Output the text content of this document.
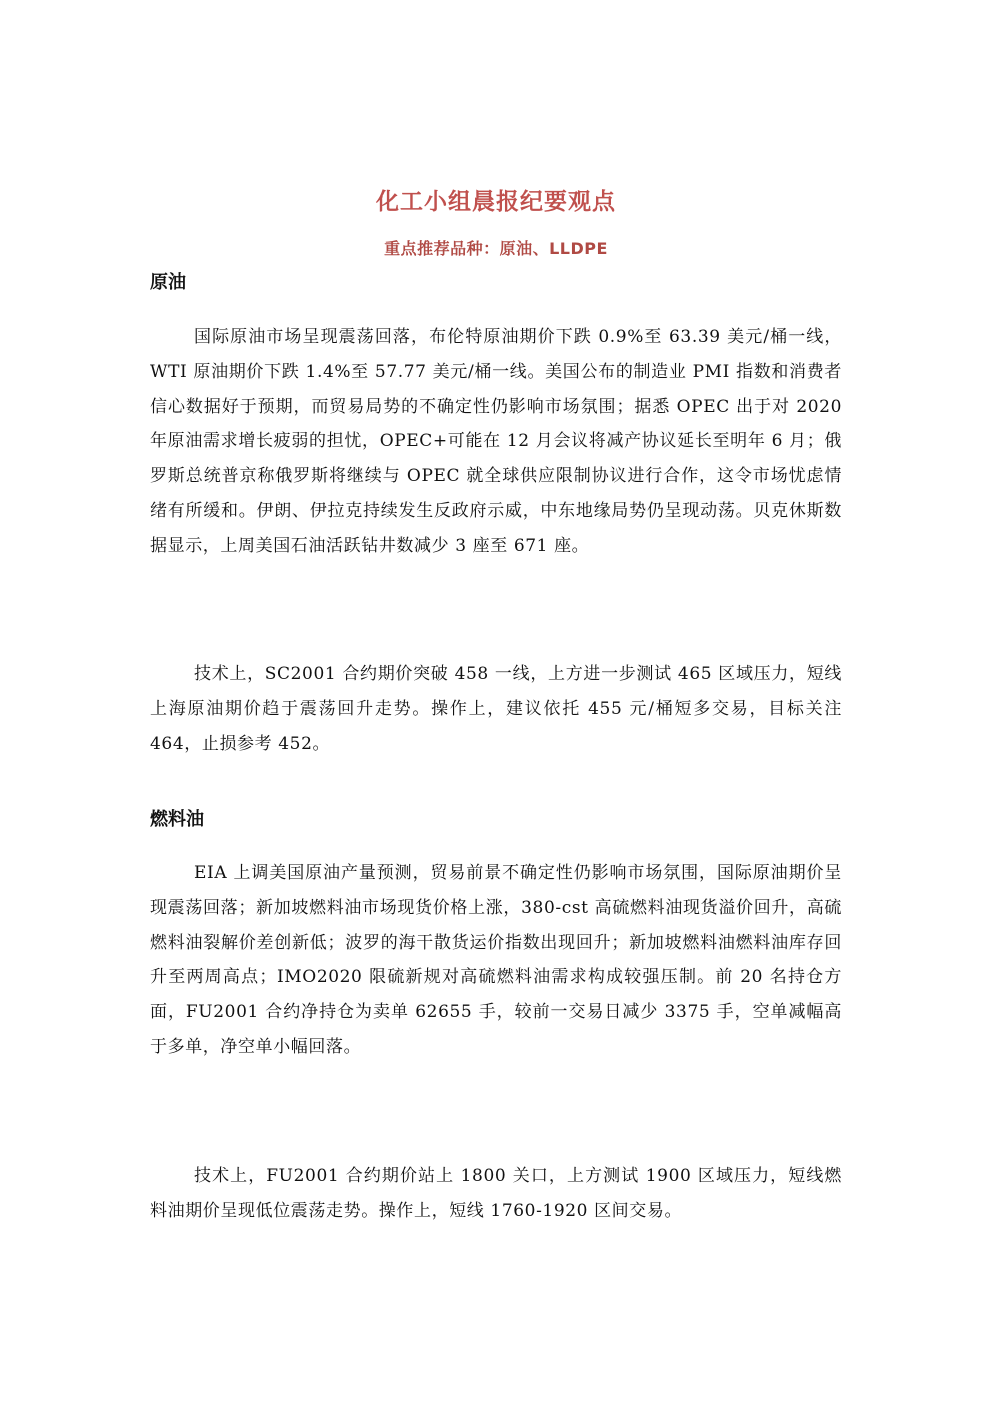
化工小组晨报纪要观点
重点推荐品种：原油、LLDPE
原油

国际原油市场呈现震荡回落，布伦特原油期价下跌 0.9%至 63.39 美元/桶一线，WTI 原油期价下跌 1.4%至 57.77 美元/桶一线。美国公布的制造业 PMI 指数和消费者信心数据好于预期，而贸易局势的不确定性仍影响市场氛围；据悉 OPEC 出于对 2020 年原油需求增长疲弱的担忧，OPEC+可能在 12 月会议将减产协议延长至明年 6 月；俄罗斯总统普京称俄罗斯将继续与 OPEC 就全球供应限制协议进行合作，这令市场忧虑情绪有所缓和。伊朗、伊拉克持续发生反政府示威，中东地缘局势仍呈现动荡。贝克休斯数据显示，上周美国石油活跃钻井数减少 3 座至 671 座。

技术上，SC2001 合约期价突破 458 一线，上方进一步测试 465 区域压力，短线上海原油期价趋于震荡回升走势。操作上，建议依托 455 元/桶短多交易，目标关注 464，止损参考 452。

燃料油

EIA 上调美国原油产量预测，贸易前景不确定性仍影响市场氛围，国际原油期价呈现震荡回落；新加坡燃料油市场现货价格上涨，380-cst 高硫燃料油现货溢价回升，高硫燃料油裂解价差创新低；波罗的海干散货运价指数出现回升；新加坡燃料油燃料油库存回升至两周高点；IMO2020 限硫新规对高硫燃料油需求构成较强压制。前 20 名持仓方面，FU2001 合约净持仓为卖单 62655 手，较前一交易日减少 3375 手，空单减幅高于多单，净空单小幅回落。

技术上，FU2001 合约期价站上 1800 关口，上方测试 1900 区域压力，短线燃料油期价呈现低位震荡走势。操作上，短线 1760-1920 区间交易。
